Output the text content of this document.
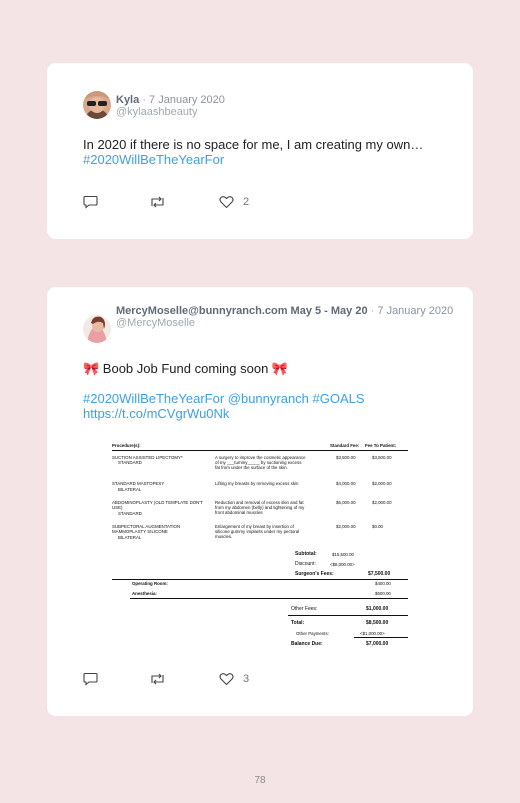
Kyla · 7 January 2020
@kylaashbeauty
In 2020 if there is no space for me, I am creating my own…
#2020WillBeTheYearFor
2
MercyMoselle@bunnyranch.com May 5 - May 20 · 7 January 2020
@MercyMoselle
🎀 Boob Job Fund coming soon 🎀
#2020WillBeTheYearFor @bunnyranch #GOALS
https://t.co/mCVgrWu0Nk
Procedure(s):	Standard Fee: Fee To Patient:
SUCTION ASSISTED LIPECTOMY*
STANDARD
A surgery to improve the cosmetic appearance of my ___tummy_____ by suctioning excess fat from under the surface of the skin.
$3,500.00	$3,500.00
STANDARD MASTOPEXY
BILATERAL
Lifting my breasts by removing excess skin	$4,000.00	$2,000.00
ABDOMINOPLASTY (OLD TEMPLATE DON'T USE)
STANDARD
Reduction and removal of excess skin and fat from my abdomen (belly) and tightening of my front abdominal muscles
$6,000.00	$2,000.00
SUBPECTORAL AUGMENTATION MAMMOPLASTY SILICONE
BILATERAL
Enlargement of my breast by insertion of silicone gummy implants under my pectoral muscles.
$2,000.00	$0.00
Subtotal:	$15,500.00
Discount:	<$8,000.00>
Surgeon's Fees:	$7,500.00
Operating Room:	$400.00
Anesthesia:	$600.00
Other Fees:	$1,000.00
Total:	$8,500.00
Other Payments:	<$1,000.00>
Balance Due:	$7,000.00
3
78
